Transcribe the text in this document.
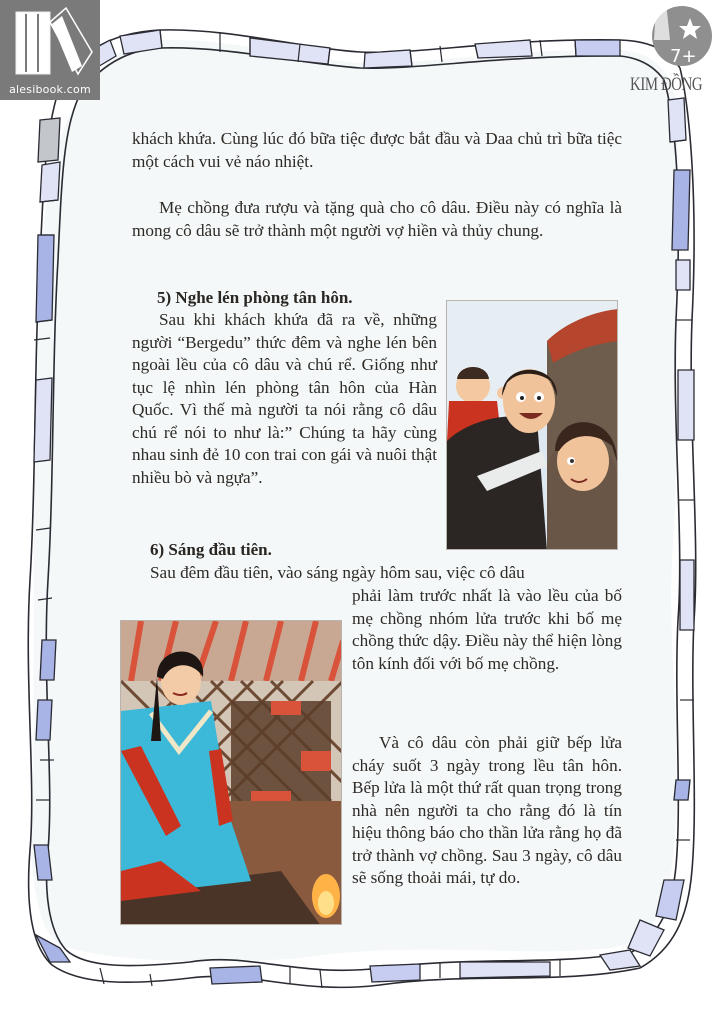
alesibook.com
7+
KIM ĐỒNG
khách khứa. Cùng lúc đó bữa tiệc được bắt đầu và Daa chủ trì bữa tiệc một cách vui vẻ náo nhiệt.
Mẹ chồng đưa rượu và tặng quà cho cô dâu. Điều này có nghĩa là mong cô dâu sẽ trở thành một người vợ hiền và thủy chung.
5) Nghe lén phòng tân hôn.
Sau khi khách khứa đã ra về, những người “Bergedu” thức đêm và nghe lén bên ngoài lều của cô dâu và chú rể. Giống như tục lệ nhìn lén phòng tân hôn của Hàn Quốc. Vì thế mà người ta nói rằng cô dâu chú rể nói to như là:” Chúng ta hãy cùng nhau sinh đẻ 10 con trai con gái và nuôi thật nhiều bò và ngựa”.
6) Sáng đầu tiên.
Sau đêm đầu tiên, vào sáng ngày hôm sau, việc cô dâu
phải làm trước nhất là vào lều của bố mẹ chồng nhóm lửa trước khi bố mẹ chồng thức dậy. Điều này thể hiện lòng tôn kính đối với bố mẹ chồng.
Và cô dâu còn phải giữ bếp lửa cháy suốt 3 ngày trong lều tân hôn. Bếp lửa là một thứ rất quan trọng trong nhà nên người ta cho rằng đó là tín hiệu thông báo cho thần lửa rằng họ đã trở thành vợ chồng. Sau 3 ngày, cô dâu sẽ sống thoải mái, tự do.
